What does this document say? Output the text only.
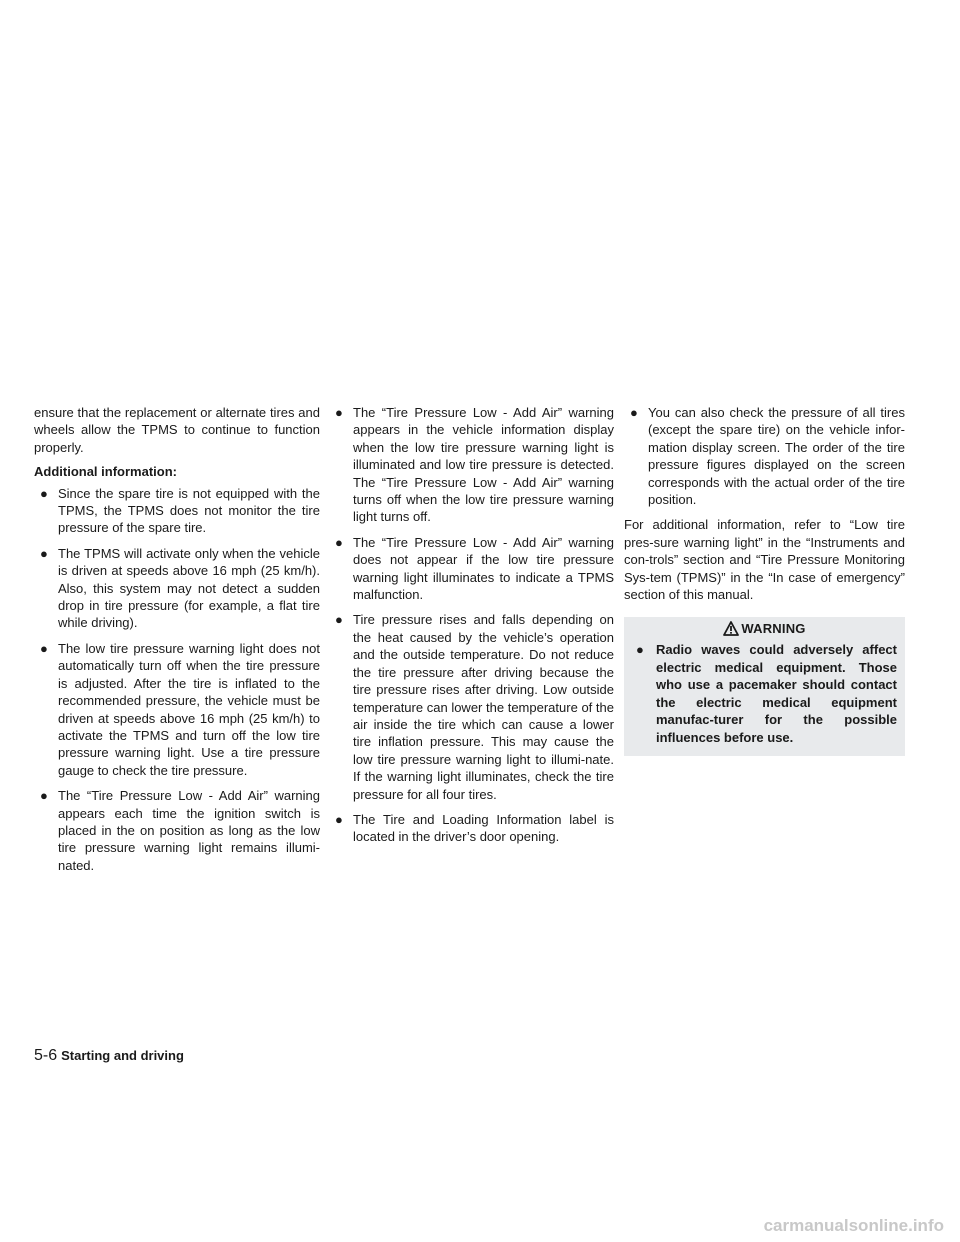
ensure that the replacement or alternate tires and wheels allow the TPMS to continue to function properly.

Additional information:

● Since the spare tire is not equipped with the TPMS, the TPMS does not monitor the tire pressure of the spare tire.
● The TPMS will activate only when the vehicle is driven at speeds above 16 mph (25 km/h). Also, this system may not detect a sudden drop in tire pressure (for example, a flat tire while driving).
● The low tire pressure warning light does not automatically turn off when the tire pressure is adjusted. After the tire is inflated to the recommended pressure, the vehicle must be driven at speeds above 16 mph (25 km/h) to activate the TPMS and turn off the low tire pressure warning light. Use a tire pressure gauge to check the tire pressure.
● The “Tire Pressure Low - Add Air” warning appears each time the ignition switch is placed in the on position as long as the low tire pressure warning light remains illumi-nated.
● The “Tire Pressure Low - Add Air” warning appears in the vehicle information display when the low tire pressure warning light is illuminated and low tire pressure is detected. The “Tire Pressure Low - Add Air” warning turns off when the low tire pressure warning light turns off.
● The “Tire Pressure Low - Add Air” warning does not appear if the low tire pressure warning light illuminates to indicate a TPMS malfunction.
● Tire pressure rises and falls depending on the heat caused by the vehicle’s operation and the outside temperature. Do not reduce the tire pressure after driving because the tire pressure rises after driving. Low outside temperature can lower the temperature of the air inside the tire which can cause a lower tire inflation pressure. This may cause the low tire pressure warning light to illumi-nate. If the warning light illuminates, check the tire pressure for all four tires.
● The Tire and Loading Information label is located in the driver’s door opening.
● You can also check the pressure of all tires (except the spare tire) on the vehicle infor-mation display screen. The order of the tire pressure figures displayed on the screen corresponds with the actual order of the tire position.

For additional information, refer to “Low tire pres-sure warning light” in the “Instruments and con-trols” section and “Tire Pressure Monitoring Sys-tem (TPMS)” in the “In case of emergency” section of this manual.

WARNING
● Radio waves could adversely affect electric medical equipment. Those who use a pacemaker should contact the electric medical equipment manufac-turer for the possible influences before use.
5-6 Starting and driving
carmanualsonline.info
